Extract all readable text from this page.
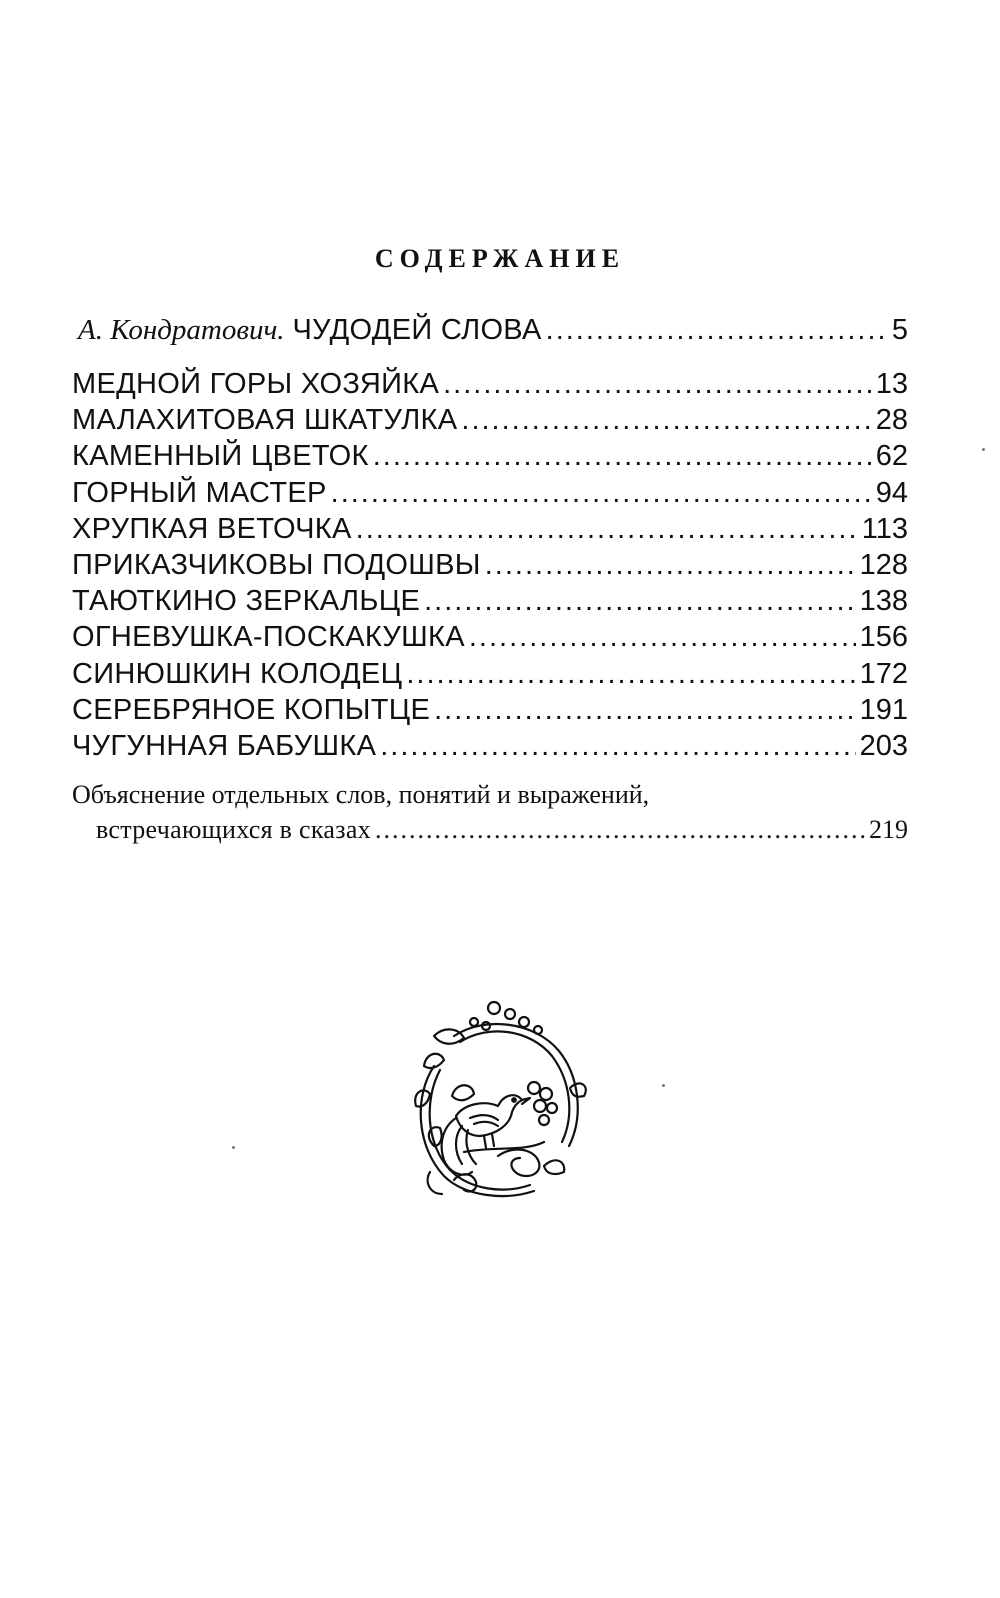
СОДЕРЖАНИЕ
А. Кондратович. ЧУДОДЕЙ СЛОВА .....	5
МЕДНОЙ ГОРЫ ХОЗЯЙКА .....	13
МАЛАХИТОВАЯ ШКАТУЛКА .....	28
КАМЕННЫЙ ЦВЕТОК .....	62
ГОРНЫЙ МАСТЕР .....	94
ХРУПКАЯ ВЕТОЧКА .....	113
ПРИКАЗЧИКОВЫ ПОДОШВЫ .....	128
ТАЮТКИНО ЗЕРКАЛЬЦЕ .....	138
ОГНЕВУШКА-ПОСКАКУШКА .....	156
СИНЮШКИН КОЛОДЕЦ .....	172
СЕРЕБРЯНОЕ КОПЫТЦЕ .....	191
ЧУГУННАЯ БАБУШКА .....	203
Объяснение отдельных слов, понятий и выражений,
встречающихся в сказах .....	219
